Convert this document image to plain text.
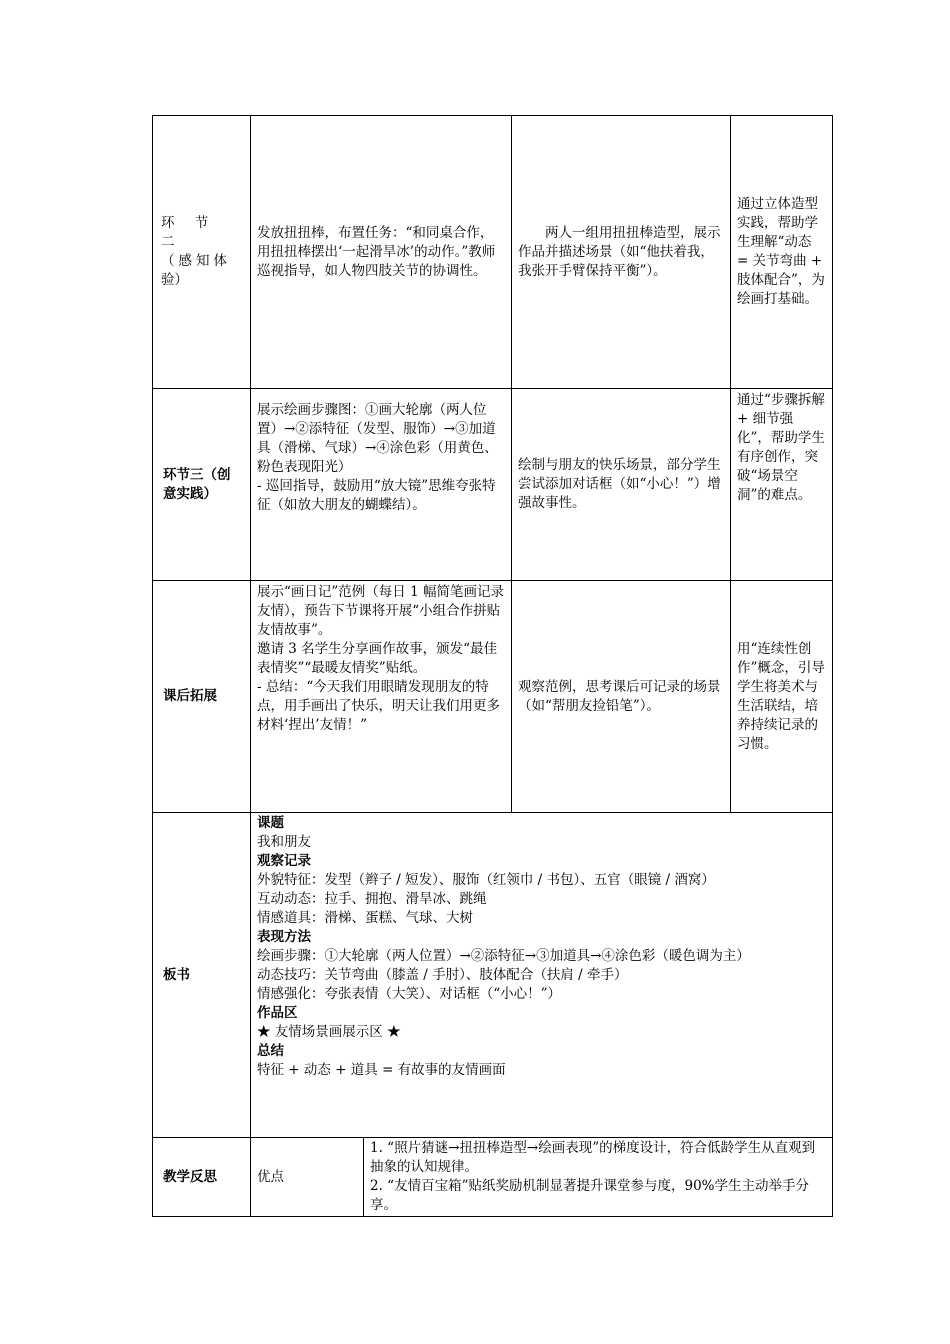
环 节 二

（感知体

验）

发放扭扭棒，布置任务：“和同桌合作，用扭扭棒摆出‘一起滑旱冰’的动作。”教师巡视指导，如人物四肢关节的协调性。

　　两人一组用扭扭棒造型，展示作品并描述场景（如“他扶着我，我张开手臂保持平衡”）。

通过立体造型实践，帮助学生理解“动态 = 关节弯曲 + 肢体配合”，为绘画打基础。

环节三（创意实践）

展示绘画步骤图：①画大轮廓（两人位置）→②添特征（发型、服饰）→③加道具（滑梯、气球）→④涂色彩（用黄色、粉色表现阳光）

- 巡回指导，鼓励用“放大镜”思维夸张特征（如放大朋友的蝴蝶结）。

绘制与朋友的快乐场景，部分学生尝试添加对话框（如“小心！”）增强故事性。

通过“步骤拆解 + 细节强化”，帮助学生有序创作，突破“场景空洞”的难点。

课后拓展

展示“画日记”范例（每日 1 幅简笔画记录友情），预告下节课将开展“小组合作拼贴友情故事”。

邀请 3 名学生分享画作故事，颁发“最佳表情奖”“最暖友情奖”贴纸。

- 总结：“今天我们用眼睛发现朋友的特点，用手画出了快乐，明天让我们用更多材料‘捏出’友情！”

观察范例，思考课后可记录的场景（如“帮朋友捡铅笔”）。

用“连续性创作”概念，引导学生将美术与生活联结，培养持续记录的习惯。

板书

课题

我和朋友

观察记录

外貌特征：发型（辫子 / 短发）、服饰（红领巾 / 书包）、五官（眼镜 / 酒窝）

互动动态：拉手、拥抱、滑旱冰、跳绳

情感道具：滑梯、蛋糕、气球、大树

表现方法

绘画步骤：①大轮廓（两人位置）→②添特征→③加道具→④涂色彩（暖色调为主）

动态技巧：关节弯曲（膝盖 / 手肘）、肢体配合（扶肩 / 牵手）

情感强化：夸张表情（大笑）、对话框（“小心！”）

作品区

★ 友情场景画展示区 ★

总结

特征 + 动态 + 道具 = 有故事的友情画面

教学反思	优点

1. “照片猜谜→扭扭棒造型→绘画表现”的梯度设计，符合低龄学生从直观到抽象的认知规律。

2. “友情百宝箱”贴纸奖励机制显著提升课堂参与度，90%学生主动举手分享。
